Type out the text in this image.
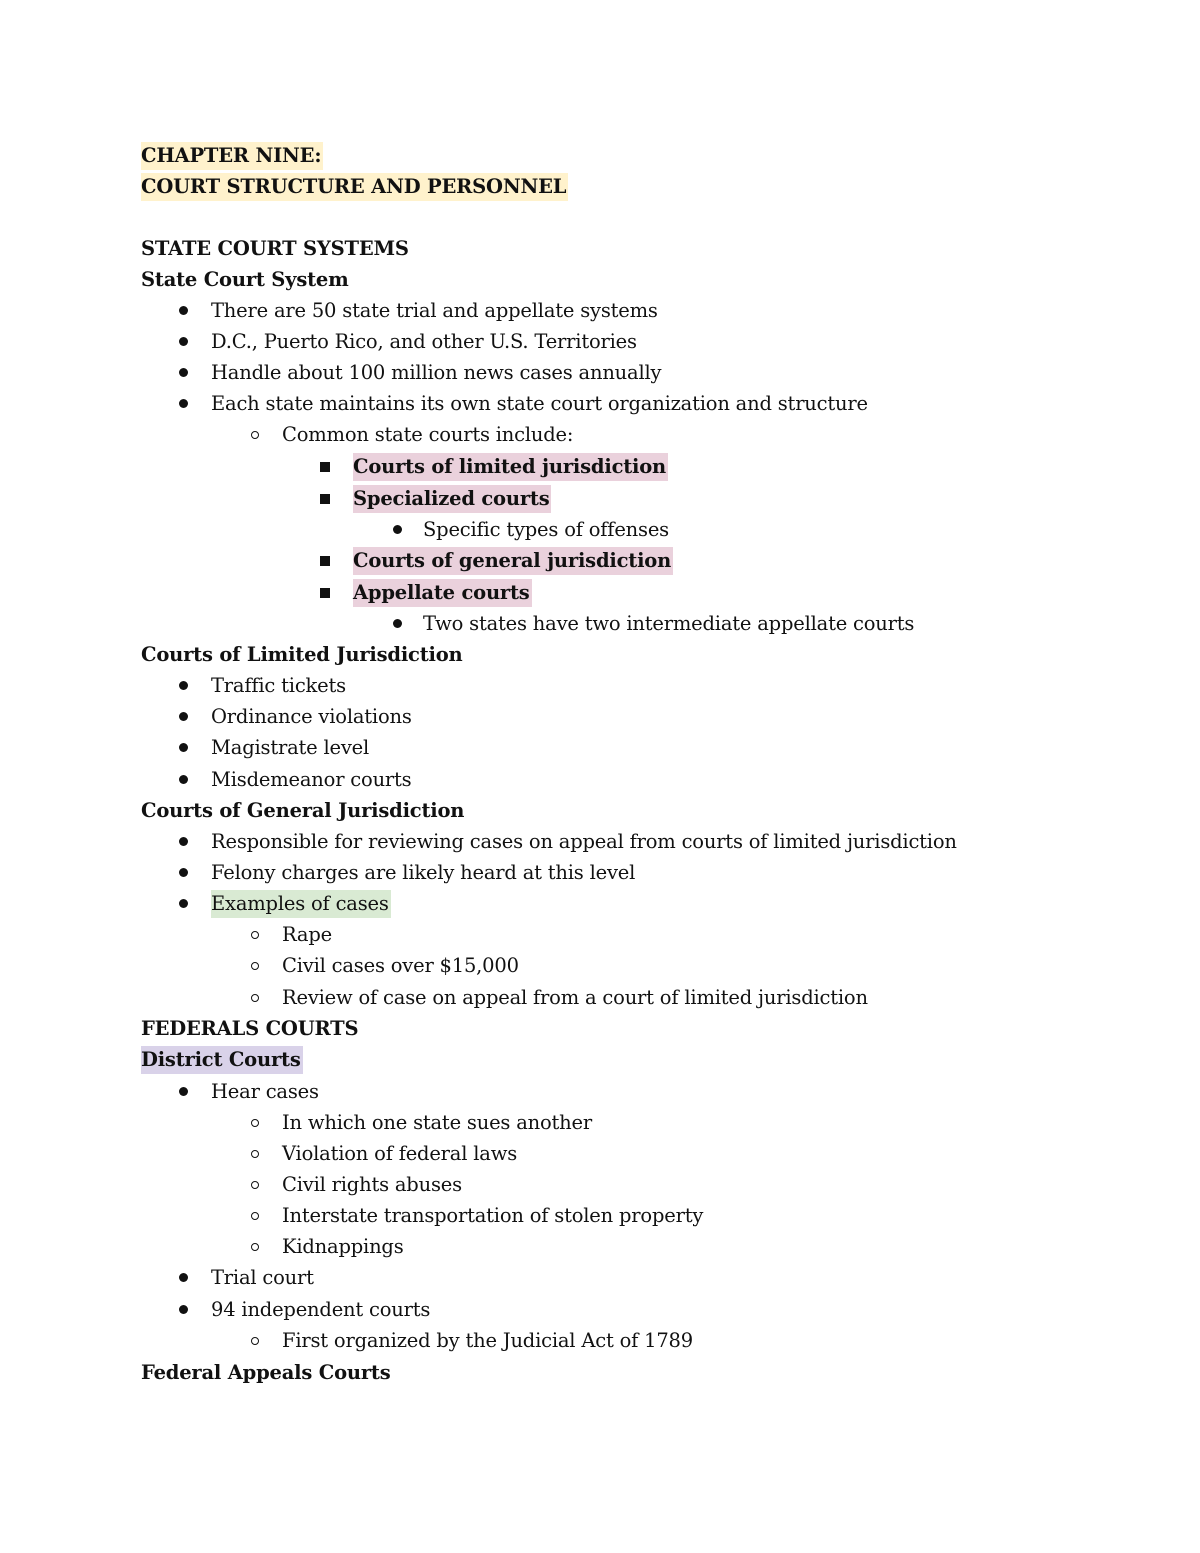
CHAPTER NINE:
COURT STRUCTURE AND PERSONNEL
STATE COURT SYSTEMS
State Court System
There are 50 state trial and appellate systems
D.C., Puerto Rico, and other U.S. Territories
Handle about 100 million news cases annually
Each state maintains its own state court organization and structure
Common state courts include:
Courts of limited jurisdiction
Specialized courts
Specific types of offenses
Courts of general jurisdiction
Appellate courts
Two states have two intermediate appellate courts
Courts of Limited Jurisdiction
Traffic tickets
Ordinance violations
Magistrate level
Misdemeanor courts
Courts of General Jurisdiction
Responsible for reviewing cases on appeal from courts of limited jurisdiction
Felony charges are likely heard at this level
Examples of cases
Rape
Civil cases over $15,000
Review of case on appeal from a court of limited jurisdiction
FEDERALS COURTS
District Courts
Hear cases
In which one state sues another
Violation of federal laws
Civil rights abuses
Interstate transportation of stolen property
Kidnappings
Trial court
94 independent courts
First organized by the Judicial Act of 1789
Federal Appeals Courts
